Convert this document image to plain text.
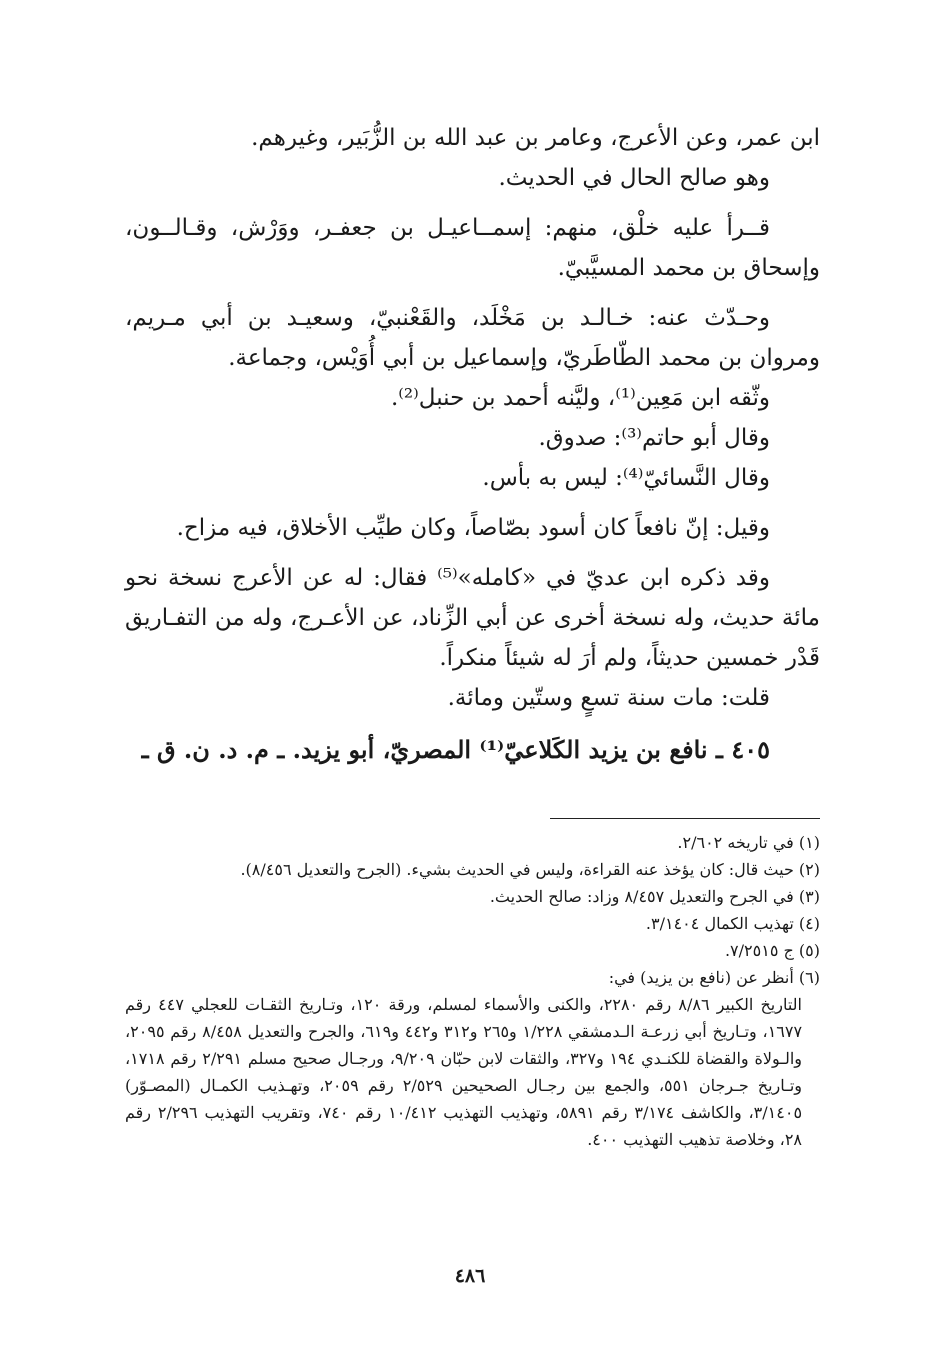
ابن عمر، وعن الأعرج، وعامر بن عبد الله بن الزُّبَير، وغيرهم.

وهو صالح الحال في الحديث.

قــرأ عليه خلْق، منهم: إسمــاعيـل بن جعفـر، ووَرْش، وقـالــون، وإسحاق بن محمد المسيَّبيّ.

وحـدّث عنه: خـالـد بن مَخْلَد، والقَعْنبيّ، وسعيـد بن أبي مـريم، ومروان بن محمد الطّاطَريّ، وإسماعيل بن أبي أُوَيْس، وجماعة.

وثّقه ابن مَعِين⁽¹⁾، وليَّنه أحمد بن حنبل⁽²⁾.

وقال أبو حاتم⁽³⁾: صدوق.

وقال النَّسائيّ⁽⁴⁾: ليس به بأس.

وقيل: إنّ نافعاً كان أسود بصّاصاً، وكان طيِّب الأخلاق، فيه مزاح.

وقد ذكره ابن عديّ في «كامله»⁽⁵⁾ فقال: له عن الأعرج نسخة نحو مائة حديث، وله نسخة أخرى عن أبي الزِّناد، عن الأعـرج، وله من التفـاريق قَدْر خمسين حديثاً، ولم أرَ له شيئاً منكراً.

قلت: مات سنة تسعٍ وستّين ومائة.

٤٠٥ ـ نافع بن يزيد الكَلاعيّ⁽¹⁾ المصريّ، أبو يزيد. ـ م. د. ن. ق ـ

(١) في تاريخه ٢/٦٠٢.

(٢) حيث قال: كان يؤخذ عنه القراءة، وليس في الحديث بشيء. (الجرح والتعديل ٨/٤٥٦).

(٣) في الجرح والتعديل ٨/٤٥٧ وزاد: صالح الحديث.

(٤) تهذيب الكمال ٣/١٤٠٤.

(٥) ج ٧/٢٥١٥.

(٦) أنظر عن (نافع بن يزيد) في:

التاريخ الكبير ٨/٨٦ رقم ٢٢٨٠، والكنى والأسماء لمسلم، ورقة ١٢٠، وتـاريخ الثقـات للعجلي ٤٤٧ رقم ١٦٧٧، وتـاريخ أبي زرعـة الـدمشقي ١/٢٢٨ و٢٦٥ و٣١٢ و٤٤٢ و٦١٩، والجرح والتعديل ٨/٤٥٨ رقم ٢٠٩٥، والـولاة والقضاة للكنـدي ١٩٤ و٣٢٧، والثقات لابن حبّان ٩/٢٠٩، ورجـال صحيح مسلم ٢/٢٩١ رقم ١٧١٨، وتـاريخ جـرجان ٥٥١، والجمع بين رجـال الصحيحين ٢/٥٢٩ رقم ٢٠٥٩، وتهـذيب الكمـال (المصـوّر) ٣/١٤٠٥، والكاشف ٣/١٧٤ رقم ٥٨٩١، وتهذيب التهذيب ١٠/٤١٢ رقم ٧٤٠، وتقريب التهذيب ٢/٢٩٦ رقم ٢٨، وخلاصة تذهيب التهذيب ٤٠٠.

٤٨٦
